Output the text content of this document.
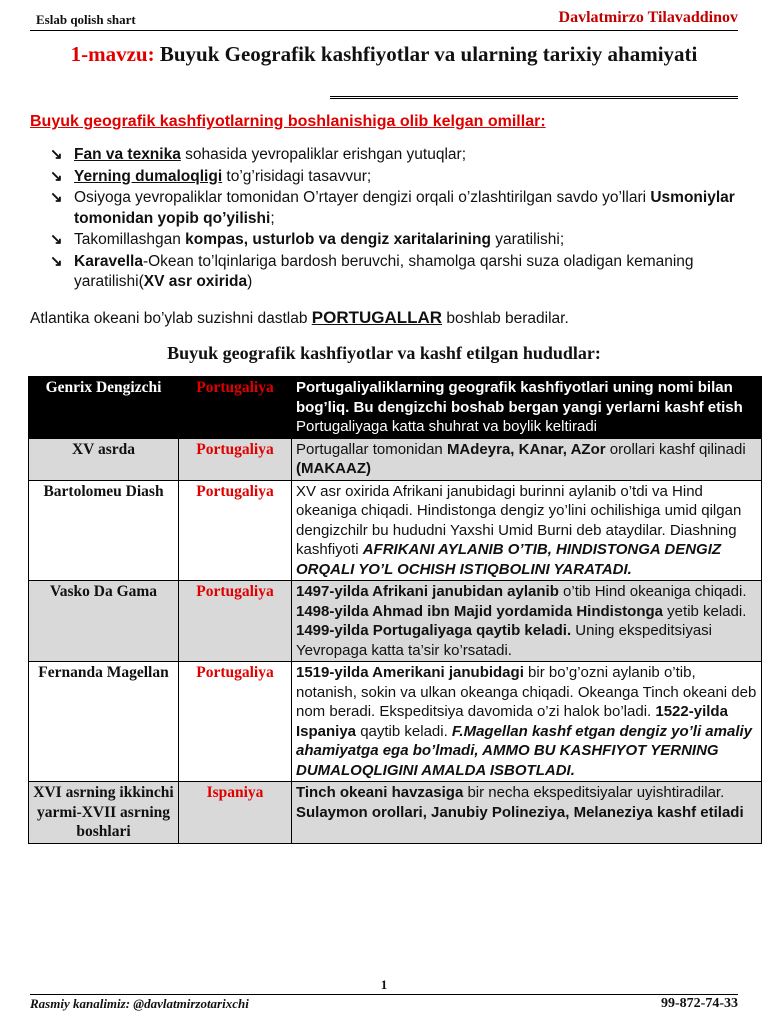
Eslab qolish shart	Davlatmirzo Tilavaddinov
1-mavzu: Buyuk Geografik kashfiyotlar va ularning tarixiy ahamiyati
Buyuk geografik kashfiyotlarning boshlanishiga olib kelgan omillar:
↘ Fan va texnika sohasida yevropaliklar erishgan yutuqlar;
↘ Yerning dumaloqligi to’g’risidagi tasavvur;
↘ Osiyoga yevropaliklar tomonidan O’rtayer dengizi orqali o’zlashtirilgan savdo yo’llari Usmoniylar tomonidan yopib qo’yilishi;
↘ Takomillashgan kompas, usturlob va dengiz xaritalarining yaratilishi;
↘ Karavella-Okean to’lqinlariga bardosh beruvchi, shamolga qarshi suza oladigan kemaning yaratilishi(XV asr oxirida)
Atlantika okeani bo’ylab suzishni dastlab PORTUGALLAR boshlab beradilar.
Buyuk geografik kashfiyotlar va kashf etilgan hududlar:
Genrix Dengizchi	Portugaliya	Portugaliyaliklarning geografik kashfiyotlari uning nomi bilan bog’liq. Bu dengizchi boshab bergan yangi yerlarni kashf etish Portugaliyaga katta shuhrat va boylik keltiradi
XV asrda	Portugaliya	Portugallar tomonidan MAdeyra, KAnar, AZor orollari kashf qilinadi (MAKAAZ)
Bartolomeu Diash	Portugaliya	XV asr oxirida Afrikani janubidagi burinni aylanib o’tdi va Hind okeaniga chiqadi. Hindistonga dengiz yo’lini ochilishiga umid qilgan dengizchilr bu hududni Yaxshi Umid Burni deb ataydilar. Diashning kashfiyoti AFRIKANI AYLANIB O’TIB, HINDISTONGA DENGIZ ORQALI YO’L OCHISH ISTIQBOLINI YARATADI.
Vasko Da Gama	Portugaliya	1497-yilda Afrikani janubidan aylanib o’tib Hind okeaniga chiqadi. 1498-yilda Ahmad ibn Majid yordamida Hindistonga yetib keladi. 1499-yilda Portugaliyaga qaytib keladi. Uning ekspeditsiyasi Yevropaga katta ta’sir ko’rsatadi.
Fernanda Magellan	Portugaliya	1519-yilda Amerikani janubidagi bir bo’g’ozni aylanib o’tib, notanish, sokin va ulkan okeanga chiqadi. Okeanga Tinch okeani deb nom beradi. Ekspeditsiya davomida o’zi halok bo’ladi. 1522-yilda Ispaniya qaytib keladi. F.Magellan kashf etgan dengiz yo’li amaliy ahamiyatga ega bo’lmadi, AMMO BU KASHFIYOT YERNING DUMALOQLIGINI AMALDA ISBOTLADI.
XVI asrning ikkinchi yarmi-XVII asrning boshlari	Ispaniya	Tinch okeani havzasiga bir necha ekspeditsiyalar uyishtiradilar. Sulaymon orollari, Janubiy Polineziya, Melaneziya kashf etiladi
1
Rasmiy kanalimiz: @davlatmirzotarixchi	99-872-74-33
